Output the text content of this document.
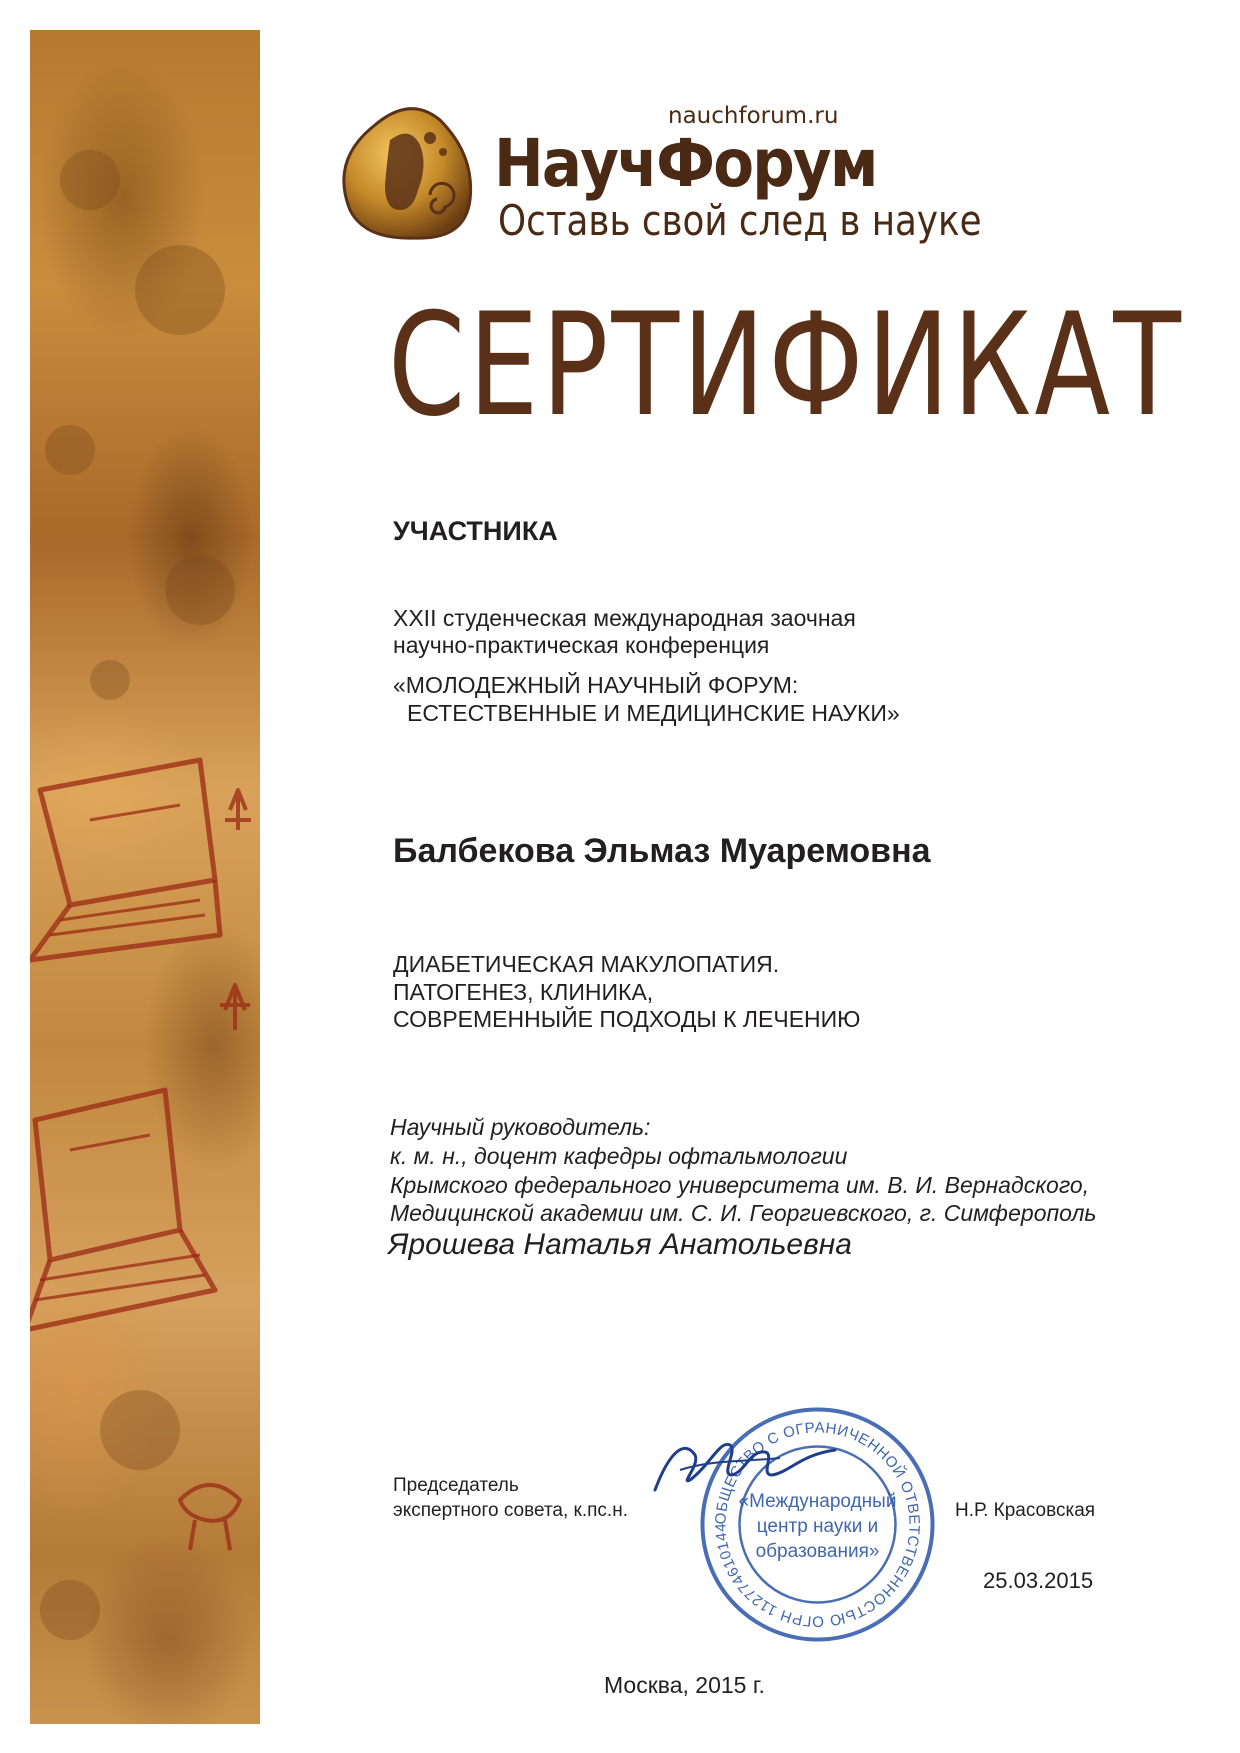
nauchforum.ru
НаучФорум
Оставь свой след в науке
СЕРТИФИКАТ
УЧАСТНИКА
XXII студенческая международная заочная
научно-практическая конференция
«МОЛОДЕЖНЫЙ НАУЧНЫЙ ФОРУМ:
ЕСТЕСТВЕННЫЕ И МЕДИЦИНСКИЕ НАУКИ»
Балбекова Эльмаз Муаремовна
ДИАБЕТИЧЕСКАЯ МАКУЛОПАТИЯ.
ПАТОГЕНЕЗ, КЛИНИКА,
СОВРЕМЕННЫЙЕ ПОДХОДЫ К ЛЕЧЕНИЮ
Научный руководитель:
к. м. н., доцент кафедры офтальмологии
Крымского федерального университета им. В. И. Вернадского,
Медицинской академии им. С. И. Георгиевского, г. Симферополь
Ярошева Наталья Анатольевна
Председатель
экспертного совета, к.пс.н.	Н.Р. Красовская
25.03.2015
ОБЩЕСТВО С ОГРАНИЧЕННОЙ ОТВЕТСТВЕННОСТЬЮ ОГРН 112774610144
«Международный
центр науки и
образования»
Москва, 2015 г.
